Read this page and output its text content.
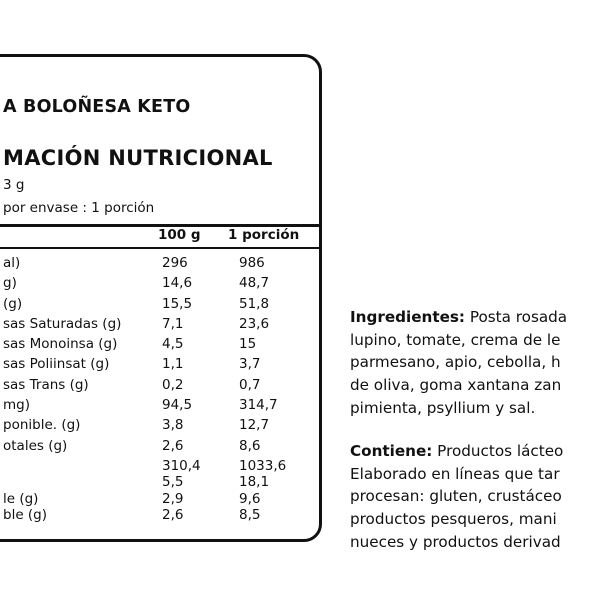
A BOLOÑESA KETO
MACIÓN NUTRICIONAL
3 g
por envase : 1 porción
100 g 1 porción
al)	296	986
g)	14,6	48,7
(g)	15,5	51,8
sas Saturadas (g)	7,1	23,6
sas Monoinsa (g)	4,5	15
sas Poliinsat (g)	1,1	3,7
sas Trans (g)	0,2	0,7
mg)	94,5	314,7
ponible. (g)	3,8	12,7
otales (g)	2,6	8,6
310,4	1033,6
5,5	18,1
le (g)	2,9	9,6
ble (g)	2,6	8,5
Ingredientes: Posta rosada
lupino, tomate, crema de le
parmesano, apio, cebolla, h
de oliva, goma xantana zan
pimienta, psyllium y sal.
Contiene: Productos lácteo
Elaborado en líneas que tar
procesan: gluten, crustáceo
productos pesqueros, mani
nueces y productos derivad
